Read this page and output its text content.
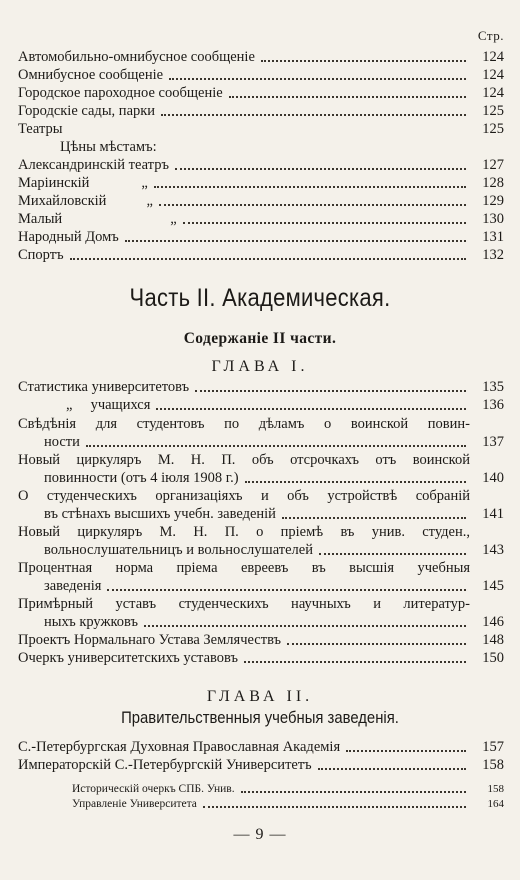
Стр.
Автомобильно-омнибусное сообщеніе	124
Омнибусное сообщеніе	124
Городское пароходное сообщеніе	124
Городскіе сады, парки	125
Театры	125
Цѣны мѣстамъ:
Александринскій театръ	127
Маріинскій	„	128
Михайловскій	„	129
Малый	„	130
Народный Домъ	131
Спортъ	132
Часть II. Академическая.
Содержаніе II части.
ГЛАВА I.
Статистика университетовъ	135
„ учащихся	136
Свѣдѣнія для студентовъ по дѣламъ о воинской повин-
ности	137
Новый циркуляръ М. Н. П. объ отсрочкахъ отъ воинской
повинности (отъ 4 іюля 1908 г.)	140
О студенческихъ организаціяхъ и объ устройствѣ собраній
въ стѣнахъ высшихъ учебн. заведеній	141
Новый циркуляръ М. Н. П. о пріемѣ въ унив. студен.,
вольнослушательницъ и вольнослушателей	143
Процентная норма пріема евреевъ въ высшія учебныя
заведенія	145
Примѣрный уставъ студенческихъ научныхъ и литератур-
ныхъ кружковъ	146
Проектъ Нормальнаго Устава Землячествъ	148
Очеркъ университетскихъ уставовъ	150
ГЛАВА II.
Правительственныя учебныя заведенія.
С.-Петербургская Духовная Православная Академія	157
Императорскій С.-Петербургскій Университетъ	158
Историческій очеркъ СПБ. Унив.	158
Управленіе Университета	164
— 9 —
